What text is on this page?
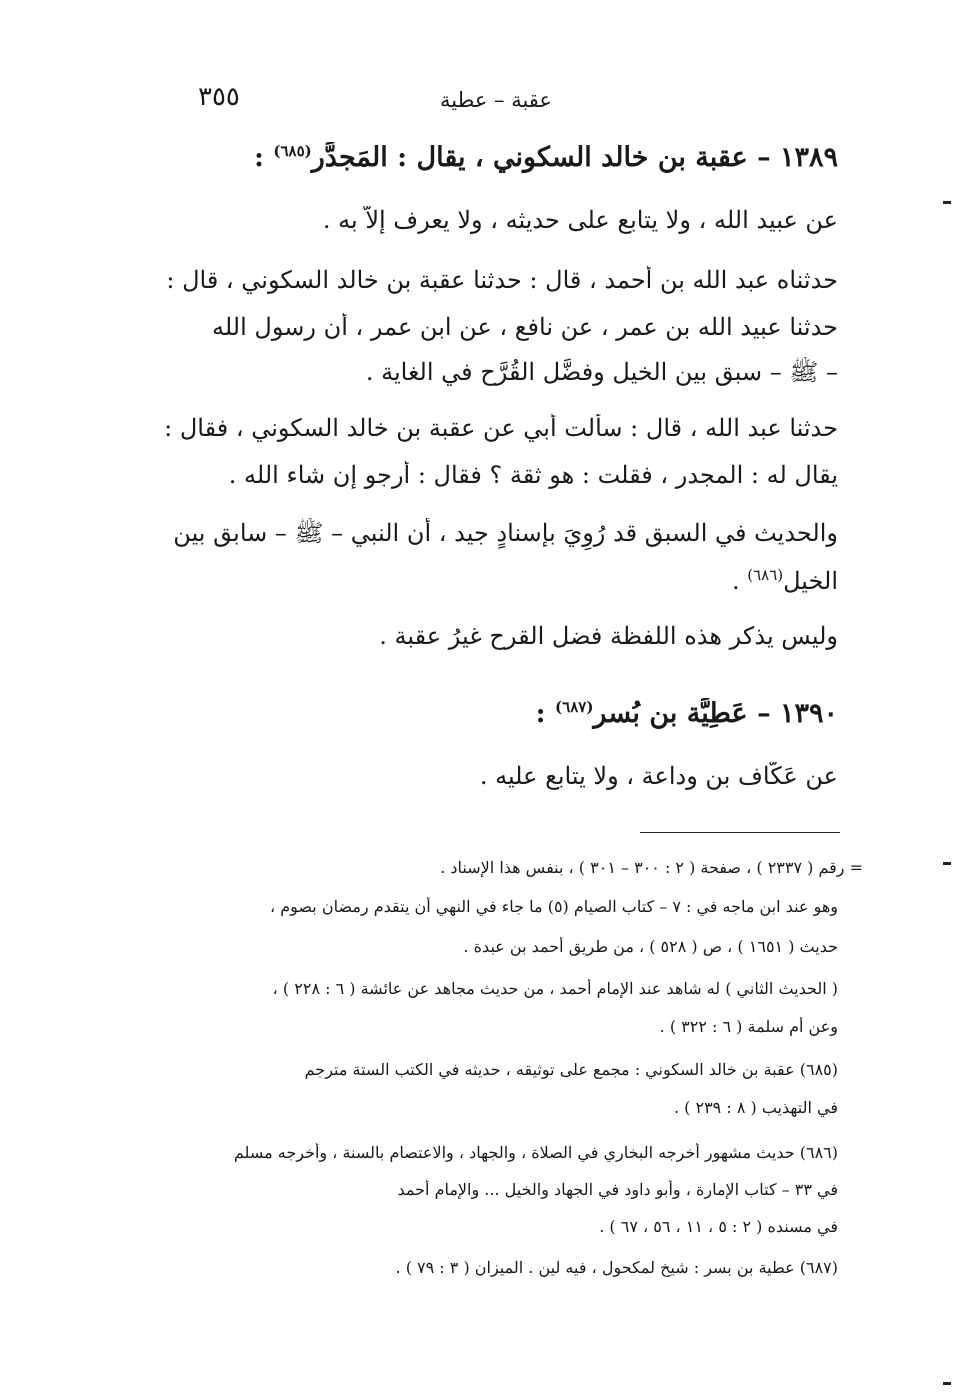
٣٥٥	عقبة – عطية
١٣٨٩ – عقبة بن خالد السكوني ، يقال : المَجدَّر$^{(٦٨٥)}$ :
عن عبيد الله ، ولا يتابع على حديثه ، ولا يعرف إلاَّ به .
حدثناه عبد الله بن أحمد ، قال : حدثنا عقبة بن خالد السكوني ، قال :
حدثنا عبيد الله بن عمر ، عن نافع ، عن ابن عمر ، أن رسول الله
– ﷺ – سبق بين الخيل وفضَّل القُرَّح في الغاية .
حدثنا عبد الله ، قال : سألت أبي عن عقبة بن خالد السكوني ، فقال :
يقال له : المجدر ، فقلت : هو ثقة ؟ فقال : أرجو إن شاء الله .
والحديث في السبق قد رُوِيَ بإسنادٍ جيد ، أن النبي – ﷺ – سابق بين
الخيل$^{(٦٨٦)}$ .
وليس يذكر هذه اللفظة فضل القرح غيرُ عقبة .
١٣٩٠ – عَطِيَّة بن بُسر$^{(٦٨٧)}$ :
عن عَكَّاف بن وداعة ، ولا يتابع عليه .
= رقم ( ٢٣٣٧ ) ، صفحة ( ٢ : ٣٠٠ – ٣٠١ ) ، بنفس هذا الإسناد .
وهو عند ابن ماجه في : ٧ – كتاب الصيام (٥) ما جاء في النهي أن يتقدم رمضان بصوم ،
حديث ( ١٦٥١ ) ، ص ( ٥٢٨ ) ، من طريق أحمد بن عبدة .
( الحديث الثاني ) له شاهد عند الإمام أحمد ، من حديث مجاهد عن عائشة ( ٦ : ٢٢٨ ) ،
وعن أم سلمة ( ٦ : ٣٢٢ ) .
(٦٨٥) عقبة بن خالد السكوني : مجمع على توثيقه ، حديثه في الكتب الستة مترجم
في التهذيب ( ٨ : ٢٣٩ ) .
(٦٨٦) حديث مشهور أخرجه البخاري في الصلاة ، والجهاد ، والاعتصام بالسنة ، وأخرجه مسلم
في ٣٣ – كتاب الإمارة ، وأبو داود في الجهاد والخيل ... والإمام أحمد
في مسنده ( ٢ : ٥ ، ١١ ، ٥٦ ، ٦٧ ) .
(٦٨٧) عطية بن بسر : شيخ لمكحول ، فيه لين . الميزان ( ٣ : ٧٩ ) .
